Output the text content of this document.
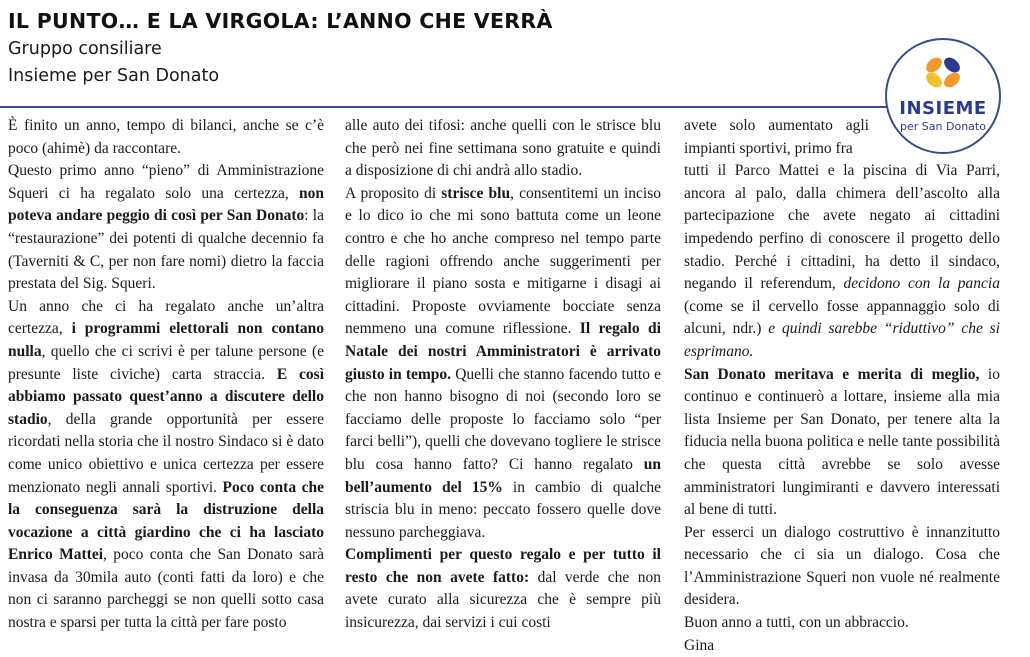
IL PUNTO… E LA VIRGOLA: L’ANNO CHE VERRÀ
Gruppo consiliare
Insieme per San Donato
INSIEME
per San Donato

È finito un anno, tempo di bilanci, anche se c’è poco (ahimè) da raccontare.

Questo primo anno “pieno” di Amministrazione Squeri ci ha regalato solo una certezza, non poteva andare peggio di così per San Donato: la “restaurazione” dei potenti di qualche decennio fa (Taverniti & C, per non fare nomi) dietro la faccia prestata del Sig. Squeri.

Un anno che ci ha regalato anche un’altra certezza, i programmi elettorali non contano nulla, quello che ci scrivi è per talune persone (e presunte liste civiche) carta straccia. E così abbiamo passato quest’anno a discutere dello stadio, della grande opportunità per essere ricordati nella storia che il nostro Sindaco si è dato come unico obiettivo e unica certezza per essere menzionato negli annali sportivi. Poco conta che la conseguenza sarà la distruzione della vocazione a città giardino che ci ha lasciato Enrico Mattei, poco conta che San Donato sarà invasa da 30mila auto (conti fatti da loro) e che non ci saranno parcheggi se non quelli sotto casa nostra e sparsi per tutta la città per fare posto

alle auto dei tifosi: anche quelli con le strisce blu che però nei fine settimana sono gratuite e quindi a disposizione di chi andrà allo stadio.

A proposito di strisce blu, consentitemi un inciso e lo dico io che mi sono battuta come un leone contro e che ho anche compreso nel tempo parte delle ragioni offrendo anche suggerimenti per migliorare il piano sosta e mitigarne i disagi ai cittadini. Proposte ovviamente bocciate senza nemmeno una comune riflessione. Il regalo di Natale dei nostri Amministratori è arrivato giusto in tempo. Quelli che stanno facendo tutto e che non hanno bisogno di noi (secondo loro se facciamo delle proposte lo facciamo solo “per farci belli”), quelli che dovevano togliere le strisce blu cosa hanno fatto? Ci hanno regalato un bell’aumento del 15% in cambio di qualche striscia blu in meno: peccato fossero quelle dove nessuno parcheggiava.

Complimenti per questo regalo e per tutto il resto che non avete fatto: dal verde che non avete curato alla sicurezza che è sempre più insicurezza, dai servizi i cui costi

avete solo aumentato agli impianti sportivi, primo fra

tutti il Parco Mattei e la piscina di Via Parri, ancora al palo, dalla chimera dell’ascolto alla partecipazione che avete negato ai cittadini impedendo perfino di conoscere il progetto dello stadio. Perché i cittadini, ha detto il sindaco, negando il referendum, decidono con la pancia (come se il cervello fosse appannaggio solo di alcuni, ndr.) e quindi sarebbe “riduttivo” che si esprimano.

San Donato meritava e merita di meglio, io continuo e continuerò a lottare, insieme alla mia lista Insieme per San Donato, per tenere alta la fiducia nella buona politica e nelle tante possibilità che questa città avrebbe se solo avesse amministratori lungimiranti e davvero interessati al bene di tutti.

Per esserci un dialogo costruttivo è innanzitutto necessario che ci sia un dialogo. Cosa che l’Amministrazione Squeri non vuole né realmente desidera.

Buon anno a tutti, con un abbraccio.

Gina
